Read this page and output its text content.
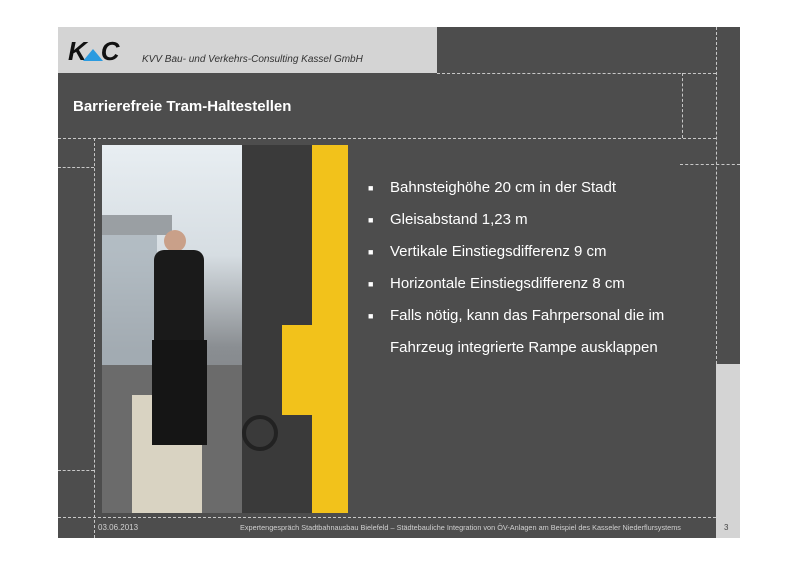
K C KVV Bau- und Verkehrs-Consulting Kassel GmbH
Barrierefreie Tram-Haltestellen
■ Bahnsteighöhe 20 cm in der Stadt
■ Gleisabstand 1,23 m
■ Vertikale Einstiegsdifferenz 9 cm
■ Horizontale Einstiegsdifferenz 8 cm
■ Falls nötig, kann das Fahrpersonal die im Fahrzeug integrierte Rampe ausklappen
03.06.2013	Expertengespräch Stadtbahnausbau Bielefeld – Städtebauliche Integration von ÖV-Anlagen am Beispiel des Kasseler Niederflursystems	3
